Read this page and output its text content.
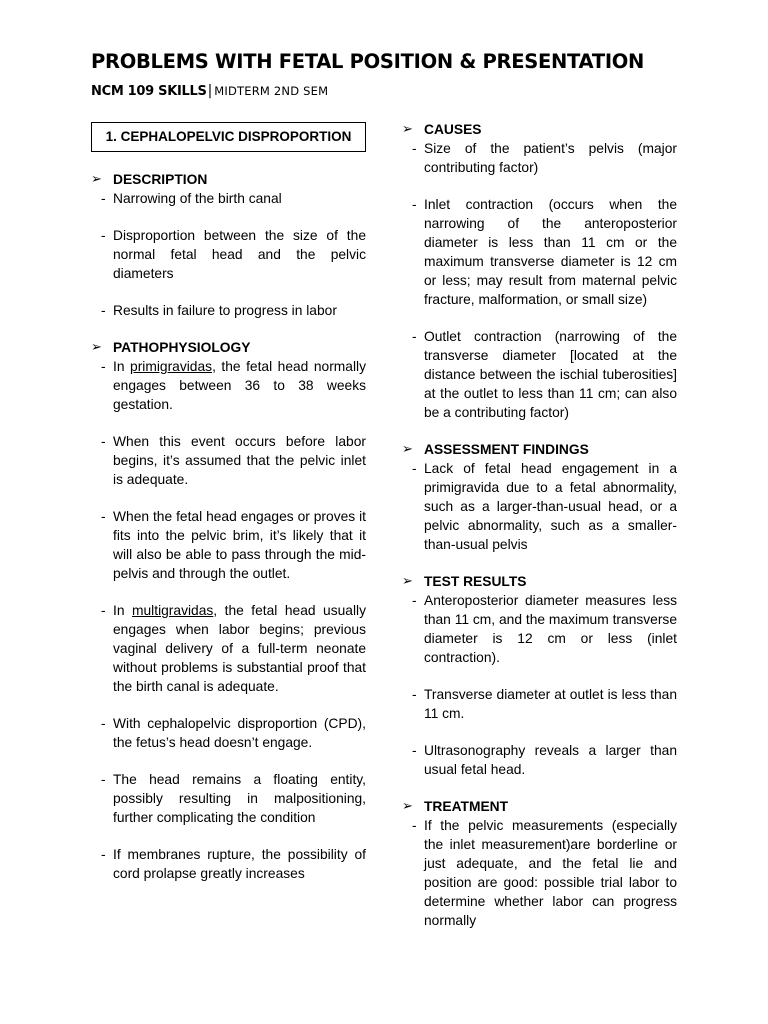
PROBLEMS WITH FETAL POSITION & PRESENTATION
NCM 109 SKILLS| MIDTERM 2ND SEM
1. CEPHALOPELVIC DISPROPORTION
➢ DESCRIPTION
- Narrowing of the birth canal
- Disproportion between the size of the normal fetal head and the pelvic diameters
- Results in failure to progress in labor
➢ PATHOPHYSIOLOGY
- In primigravidas, the fetal head normally engages between 36 to 38 weeks gestation.
- When this event occurs before labor begins, it’s assumed that the pelvic inlet is adequate.
- When the fetal head engages or proves it fits into the pelvic brim, it’s likely that it will also be able to pass through the mid-pelvis and through the outlet.
- In multigravidas, the fetal head usually engages when labor begins; previous vaginal delivery of a full-term neonate without problems is substantial proof that the birth canal is adequate.
- With cephalopelvic disproportion (CPD), the fetus’s head doesn’t engage.
- The head remains a floating entity, possibly resulting in malpositioning, further complicating the condition
- If membranes rupture, the possibility of cord prolapse greatly increases
➢ CAUSES
- Size of the patient’s pelvis (major contributing factor)
- Inlet contraction (occurs when the narrowing of the anteroposterior diameter is less than 11 cm or the maximum transverse diameter is 12 cm or less; may result from maternal pelvic fracture, malformation, or small size)
- Outlet contraction (narrowing of the transverse diameter [located at the distance between the ischial tuberosities] at the outlet to less than 11 cm; can also be a contributing factor)
➢ ASSESSMENT FINDINGS
- Lack of fetal head engagement in a primigravida due to a fetal abnormality, such as a larger-than-usual head, or a pelvic abnormality, such as a smaller-than-usual pelvis
➢ TEST RESULTS
- Anteroposterior diameter measures less than 11 cm, and the maximum transverse diameter is 12 cm or less (inlet contraction).
- Transverse diameter at outlet is less than 11 cm.
- Ultrasonography reveals a larger than usual fetal head.
➢ TREATMENT
- If the pelvic measurements (especially the inlet measurement)are borderline or just adequate, and the fetal lie and position are good: possible trial labor to determine whether labor can progress normally
